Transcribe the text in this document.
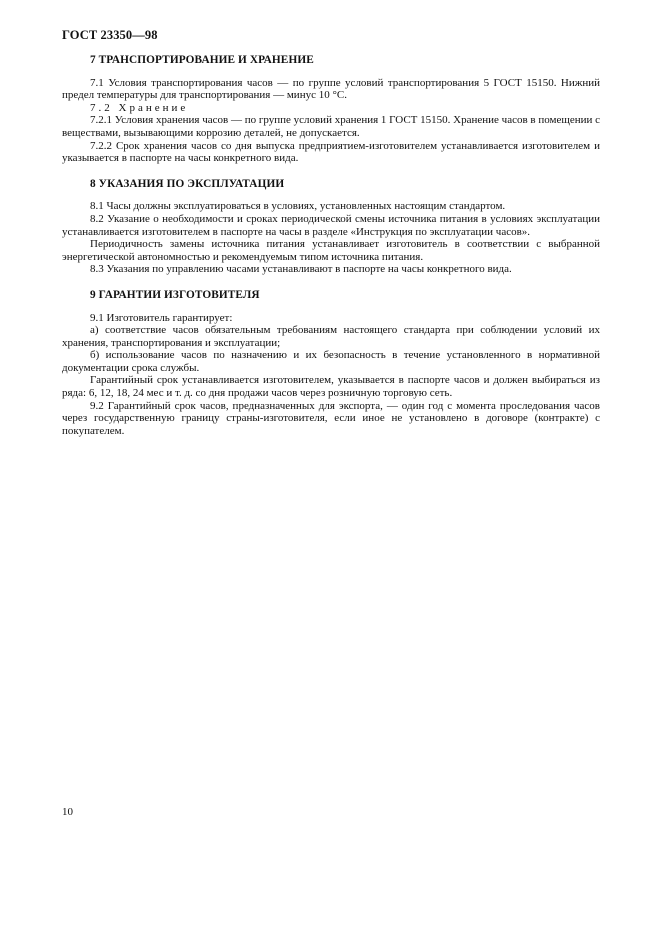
ГОСТ 23350—98
7 ТРАНСПОРТИРОВАНИЕ И ХРАНЕНИЕ

7.1 Условия транспортирования часов — по группе условий транспортирования 5 ГОСТ 15150. Нижний предел температуры для транспортирования — минус 10 °С.

7.2 Хранение

7.2.1 Условия хранения часов — по группе условий хранения 1 ГОСТ 15150. Хранение часов в помещении с веществами, вызывающими коррозию деталей, не допускается.

7.2.2 Срок хранения часов со дня выпуска предприятием-изготовителем устанавливается изготовителем и указывается в паспорте на часы конкретного вида.

8 УКАЗАНИЯ ПО ЭКСПЛУАТАЦИИ

8.1 Часы должны эксплуатироваться в условиях, установленных настоящим стандартом.

8.2 Указание о необходимости и сроках периодической смены источника питания в условиях эксплуатации устанавливается изготовителем в паспорте на часы в разделе «Инструкция по эксплуатации часов».

Периодичность замены источника питания устанавливает изготовитель в соответствии с выбранной энергетической автономностью и рекомендуемым типом источника питания.

8.3 Указания по управлению часами устанавливают в паспорте на часы конкретного вида.

9 ГАРАНТИИ ИЗГОТОВИТЕЛЯ

9.1 Изготовитель гарантирует:

а) соответствие часов обязательным требованиям настоящего стандарта при соблюдении условий их хранения, транспортирования и эксплуатации;

б) использование часов по назначению и их безопасность в течение установленного в нормативной документации срока службы.

Гарантийный срок устанавливается изготовителем, указывается в паспорте часов и должен выбираться из ряда: 6, 12, 18, 24 мес и т. д. со дня продажи часов через розничную торговую сеть.

9.2 Гарантийный срок часов, предназначенных для экспорта, — один год с момента проследования часов через государственную границу страны-изготовителя, если иное не установлено в договоре (контракте) с покупателем.

10
